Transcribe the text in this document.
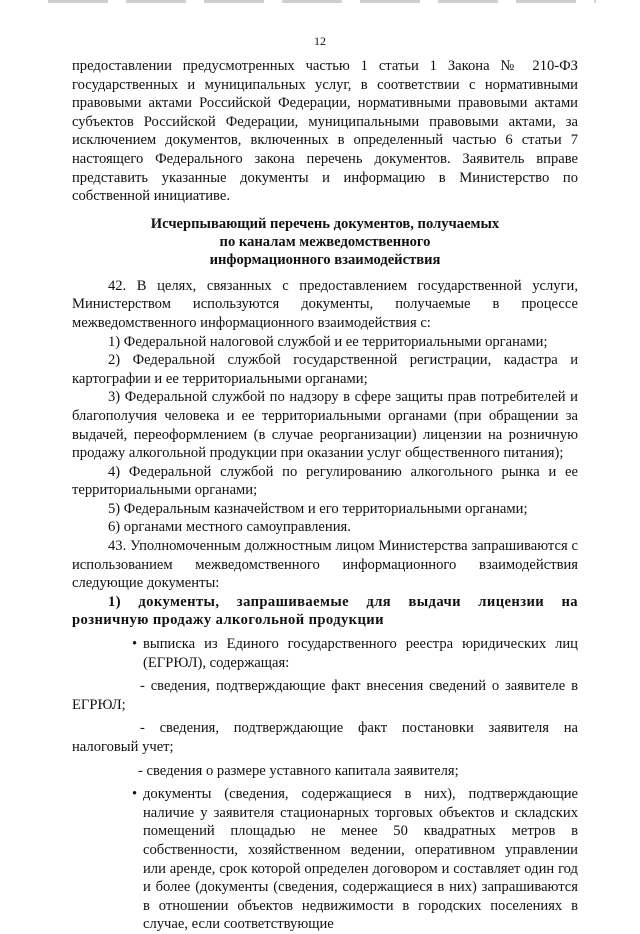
12

предоставлении предусмотренных частью 1 статьи 1 Закона № 210-ФЗ государственных и муниципальных услуг, в соответствии с нормативными правовыми актами Российской Федерации, нормативными правовыми актами субъектов Российской Федерации, муниципальными правовыми актами, за исключением документов, включенных в определенный частью 6 статьи 7 настоящего Федерального закона перечень документов. Заявитель вправе представить указанные документы и информацию в Министерство по собственной инициативе.

Исчерпывающий перечень документов, получаемых
по каналам межведомственного
информационного взаимодействия

42. В целях, связанных с предоставлением государственной услуги, Министерством используются документы, получаемые в процессе межведомственного информационного взаимодействия с:

1) Федеральной налоговой службой и ее территориальными органами;

2) Федеральной службой государственной регистрации, кадастра и картографии и ее территориальными органами;

3) Федеральной службой по надзору в сфере защиты прав потребителей и благополучия человека и ее территориальными органами (при обращении за выдачей, переоформлением (в случае реорганизации) лицензии на розничную продажу алкогольной продукции при оказании услуг общественного питания);

4) Федеральной службой по регулированию алкогольного рынка и ее территориальными органами;

5) Федеральным казначейством и его территориальными органами;

6) органами местного самоуправления.

43. Уполномоченным должностным лицом Министерства запрашиваются с использованием межведомственного информационного взаимодействия следующие документы:

1) документы, запрашиваемые для выдачи лицензии на розничную продажу алкогольной продукции

• выписка из Единого государственного реестра юридических лиц (ЕГРЮЛ), содержащая:

- сведения, подтверждающие факт внесения сведений о заявителе в ЕГРЮЛ;

- сведения, подтверждающие факт постановки заявителя на налоговый учет;

- сведения о размере уставного капитала заявителя;

• документы (сведения, содержащиеся в них), подтверждающие наличие у заявителя стационарных торговых объектов и складских помещений площадью не менее 50 квадратных метров в собственности, хозяйственном ведении, оперативном управлении или аренде, срок которой определен договором и составляет один год и более (документы (сведения, содержащиеся в них) запрашиваются в отношении объектов недвижимости в городских поселениях в случае, если соответствующие
